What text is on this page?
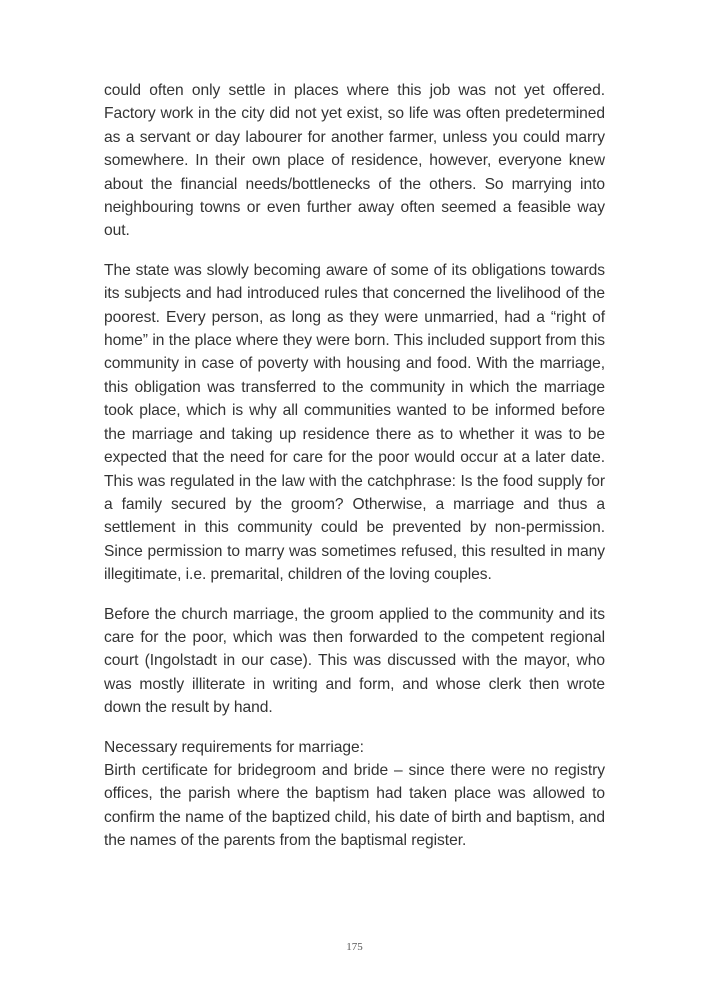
could often only settle in places where this job was not yet offered. Factory work in the city did not yet exist, so life was often predetermined as a servant or day labourer for another farmer, unless you could marry somewhere. In their own place of residence, however, everyone knew about the financial needs/bottlenecks of the others. So marrying into neighbouring towns or even further away often seemed a feasible way out.

The state was slowly becoming aware of some of its obligations towards its subjects and had introduced rules that concerned the livelihood of the poorest. Every person, as long as they were unmarried, had a “right of home” in the place where they were born. This included support from this community in case of poverty with housing and food. With the marriage, this obligation was transferred to the community in which the marriage took place, which is why all communities wanted to be informed before the marriage and taking up residence there as to whether it was to be expected that the need for care for the poor would occur at a later date. This was regulated in the law with the catchphrase: Is the food supply for a family secured by the groom? Otherwise, a marriage and thus a settlement in this community could be prevented by non-permission. Since permission to marry was sometimes refused, this resulted in many illegitimate, i.e. premarital, children of the loving couples.

Before the church marriage, the groom applied to the community and its care for the poor, which was then forwarded to the competent regional court (Ingolstadt in our case). This was discussed with the mayor, who was mostly illiterate in writing and form, and whose clerk then wrote down the result by hand.

Necessary requirements for marriage:
Birth certificate for bridegroom and bride – since there were no registry offices, the parish where the baptism had taken place was allowed to confirm the name of the baptized child, his date of birth and baptism, and the names of the parents from the baptismal register.

175
